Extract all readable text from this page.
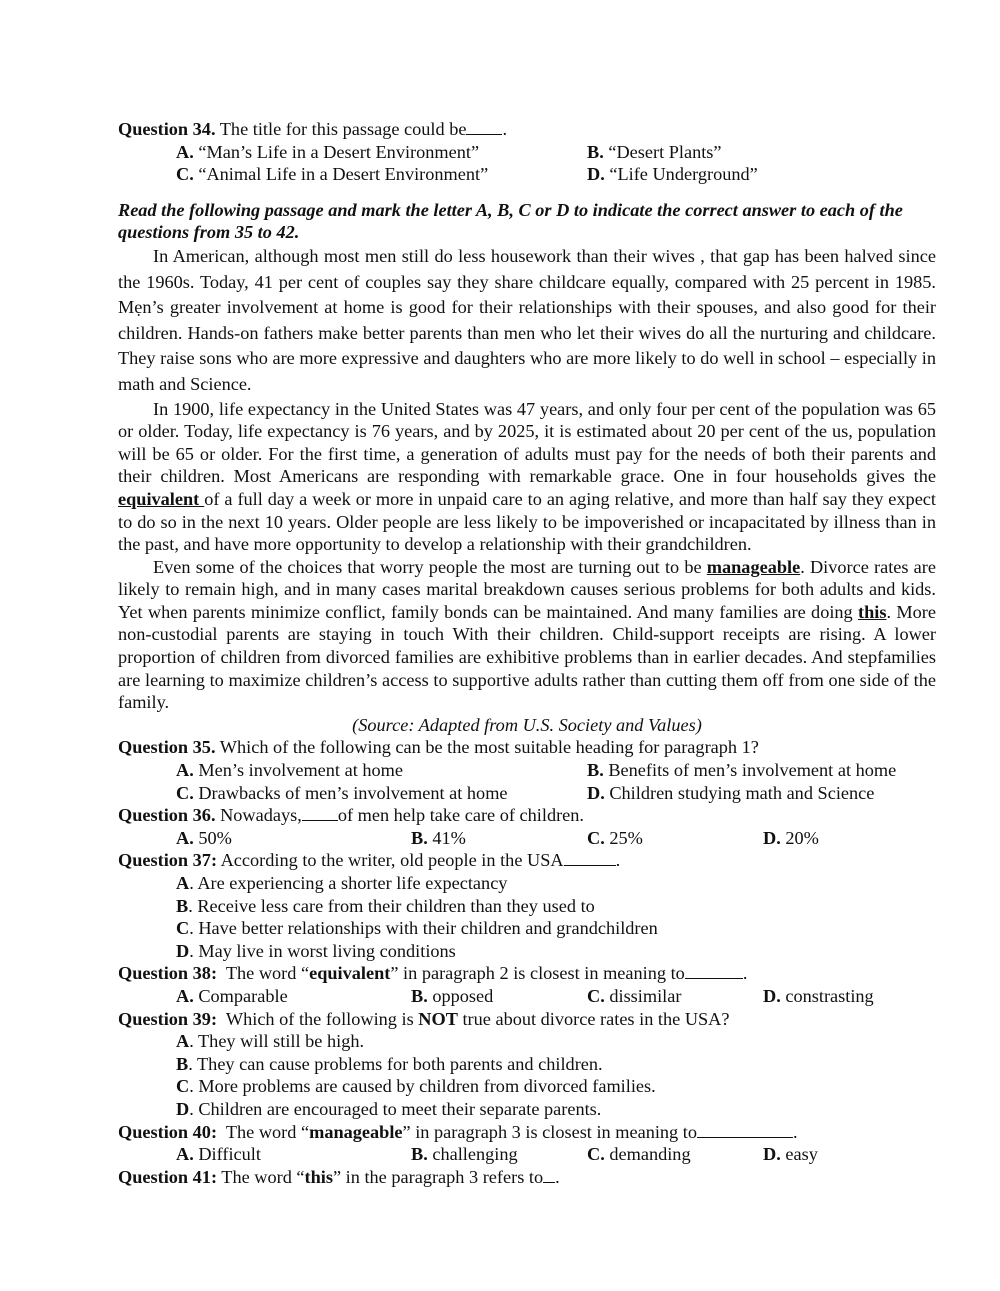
Question 34. The title for this passage could be .
A. “Man’s Life in a Desert Environment”	B. “Desert Plants”
C. “Animal Life in a Desert Environment”	D. “Life Underground”
Read the following passage and mark the letter A, B, C or D to indicate the correct answer to each of the questions from 35 to 42.

In American, although most men still do less housework than their wives , that gap has been halved since the 1960s. Today, 41 per cent of couples say they share childcare equally, compared with 25 percent in 1985. Mẹn’s greater involvement at home is good for their relationships with their spouses, and also good for their children. Hands-on fathers make better parents than men who let their wives do all the nurturing and childcare. They raise sons who are more expressive and daughters who are more likely to do well in school – especially in math and Science.

In 1900, life expectancy in the United States was 47 years, and only four per cent of the population was 65 or older. Today, life expectancy is 76 years, and by 2025, it is estimated about 20 per cent of the us, population will be 65 or older. For the first time, a generation of adults must pay for the needs of both their parents and their children. Most Americans are responding with remarkable grace. One in four households gives the equivalent of a full day a week or more in unpaid care to an aging relative, and more than half say they expect to do so in the next 10 years. Older people are less likely to be impoverished or incapacitated by illness than in the past, and have more opportunity to develop a relationship with their grandchildren.

Even some of the choices that worry people the most are turning out to be manageable. Divorce rates are likely to remain high, and in many cases marital breakdown causes serious problems for both adults and kids. Yet when parents minimize conflict, family bonds can be maintained. And many families are doing this. More non-custodial parents are staying in touch With their children. Child-support receipts are rising. A lower proportion of children from divorced families are exhibitive problems than in earlier decades. And stepfamilies are learning to maximize children’s access to supportive adults rather than cutting them off from one side of the family.

(Source: Adapted from U.S. Society and Values)

Question 35. Which of the following can be the most suitable heading for paragraph 1?
A. Men’s involvement at home	B. Benefits of men’s involvement at home
C. Drawbacks of men’s involvement at home	D. Children studying math and Science
Question 36. Nowadays, of men help take care of children.
A. 50%	B. 41%	C. 25%	D. 20%
Question 37: According to the writer, old people in the USA	.
A. Are experiencing a shorter life expectancy
B. Receive less care from their children than they used to
C. Have better relationships with their children and grandchildren
D. May live in worst living conditions
Question 38:  The word “equivalent” in paragraph 2 is closest in meaning to	.
A. Comparable	B. opposed	C. dissimilar	D. constrasting
Question 39:  Which of the following is NOT true about divorce rates in the USA?
A. They will still be high.
B. They can cause problems for both parents and children.
C. More problems are caused by children from divorced families.
D. Children are encouraged to meet their separate parents.
Question 40:  The word “manageable” in paragraph 3 is closest in meaning to	.
A. Difficult	B. challenging	C. demanding	D. easy
Question 41: The word “this” in the paragraph 3 refers to .
